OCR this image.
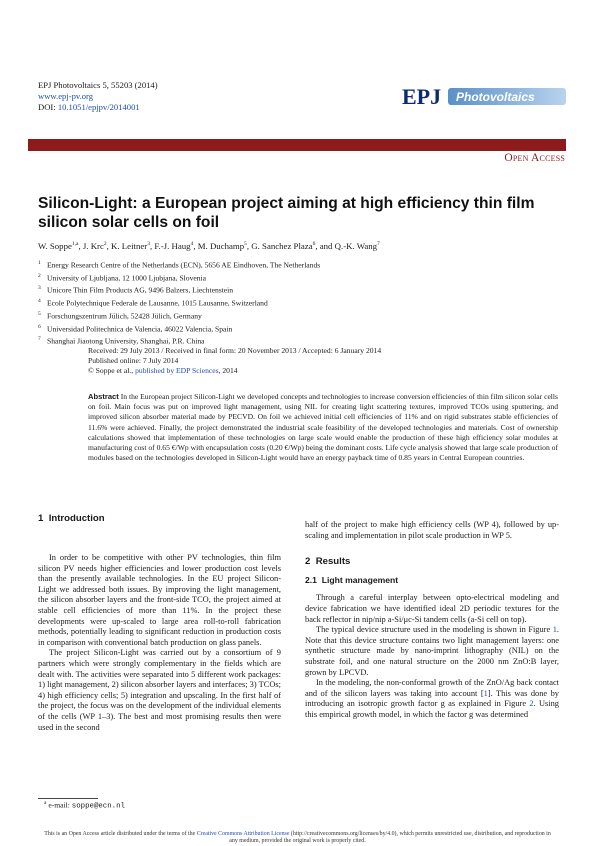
EPJ Photovoltaics 5, 55203 (2014)
www.epj-pv.org
DOI: 10.1051/epjpv/2014001	EPJ Photovoltaics
Open Access
Silicon-Light: a European project aiming at high efficiency thin film silicon solar cells on foil
W. Soppe$^{1,a}$, J. Krc$^2$, K. Leitner$^3$, F.-J. Haug$^4$, M. Duchamp$^5$, G. Sanchez Plaza$^6$, and Q.-K. Wang$^7$
$^1$ Energy Research Centre of the Netherlands (ECN), 5656 AE Eindhoven, The Netherlands
$^2$ University of Ljubljana, 12 1000 Ljubjana, Slovenia
$^3$ Unicore Thin Film Products AG, 9496 Balzers, Liechtenstein
$^4$ Ecole Polytechnique Federale de Lausanne, 1015 Lausanne, Switzerland
$^5$ Forschungszentrum Jülich, 52428 Jülich, Germany
$^6$ Universidad Politechnica de Valencia, 46022 Valencia, Spain
$^7$ Shanghai Jiaotong University, Shanghai, P.R. China
Received: 29 July 2013 / Received in final form: 20 November 2013 / Accepted: 6 January 2014
Published online: 7 July 2014
© Soppe et al., published by EDP Sciences, 2014
Abstract In the European project Silicon-Light we developed concepts and technologies to increase conversion efficiencies of thin film silicon solar cells on foil. Main focus was put on improved light management, using NIL for creating light scattering textures, improved TCOs using sputtering, and improved silicon absorber material made by PECVD. On foil we achieved initial cell efficiencies of 11% and on rigid substrates stable efficiencies of 11.6% were achieved. Finally, the project demonstrated the industrial scale feasibility of the developed technologies and materials. Cost of ownership calculations showed that implementation of these technologies on large scale would enable the production of these high efficiency solar modules at manufacturing cost of 0.65 €/Wp with encapsulation costs (0.20 €/Wp) being the dominant costs. Life cycle analysis showed that large scale production of modules based on the technologies developed in Silicon-Light would have an energy payback time of 0.85 years in Central European countries.
1 Introduction

In order to be competitive with other PV technologies, thin film silicon PV needs higher efficiencies and lower production cost levels than the presently available technologies. In the EU project Silicon-Light we addressed both issues. By improving the light management, the silicon absorber layers and the front-side TCO, the project aimed at stable cell efficiencies of more than 11%. In the project these developments were up-scaled to large area roll-to-roll fabrication methods, potentially leading to significant reduction in production costs in comparison with conventional batch production on glass panels.

The project Silicon-Light was carried out by a consortium of 9 partners which were strongly complementary in the fields which are dealt with. The activities were separated into 5 different work packages: 1) light management, 2) silicon absorber layers and interfaces; 3) TCOs; 4) high efficiency cells; 5) integration and upscaling. In the first half of the project, the focus was on the development of the individual elements of the cells (WP 1–3). The best and most promising results then were used in the second

$^a$ e-mail: soppe@ecn.nl

half of the project to make high efficiency cells (WP 4), followed by up-scaling and implementation in pilot scale production in WP 5.

2 Results
2.1 Light management

Through a careful interplay between opto-electrical modeling and device fabrication we have identified ideal 2D periodic textures for the back reflector in nip/nip a-Si/μc-Si tandem cells (a-Si cell on top).

The typical device structure used in the modeling is shown in Figure 1. Note that this device structure contains two light management layers: one synthetic structure made by nano-imprint lithography (NIL) on the substrate foil, and one natural structure on the 2000 nm ZnO:B layer, grown by LPCVD.

In the modeling, the non-conformal growth of the ZnO/Ag back contact and of the silicon layers was taking into account [1]. This was done by introducing an isotropic growth factor g as explained in Figure 2. Using this empirical growth model, in which the factor g was determined

This is an Open Access article distributed under the terms of the Creative Commons Attribution License (http://creativecommons.org/licenses/by/4.0), which permits unrestricted use, distribution, and reproduction in any medium, provided the original work is properly cited.
